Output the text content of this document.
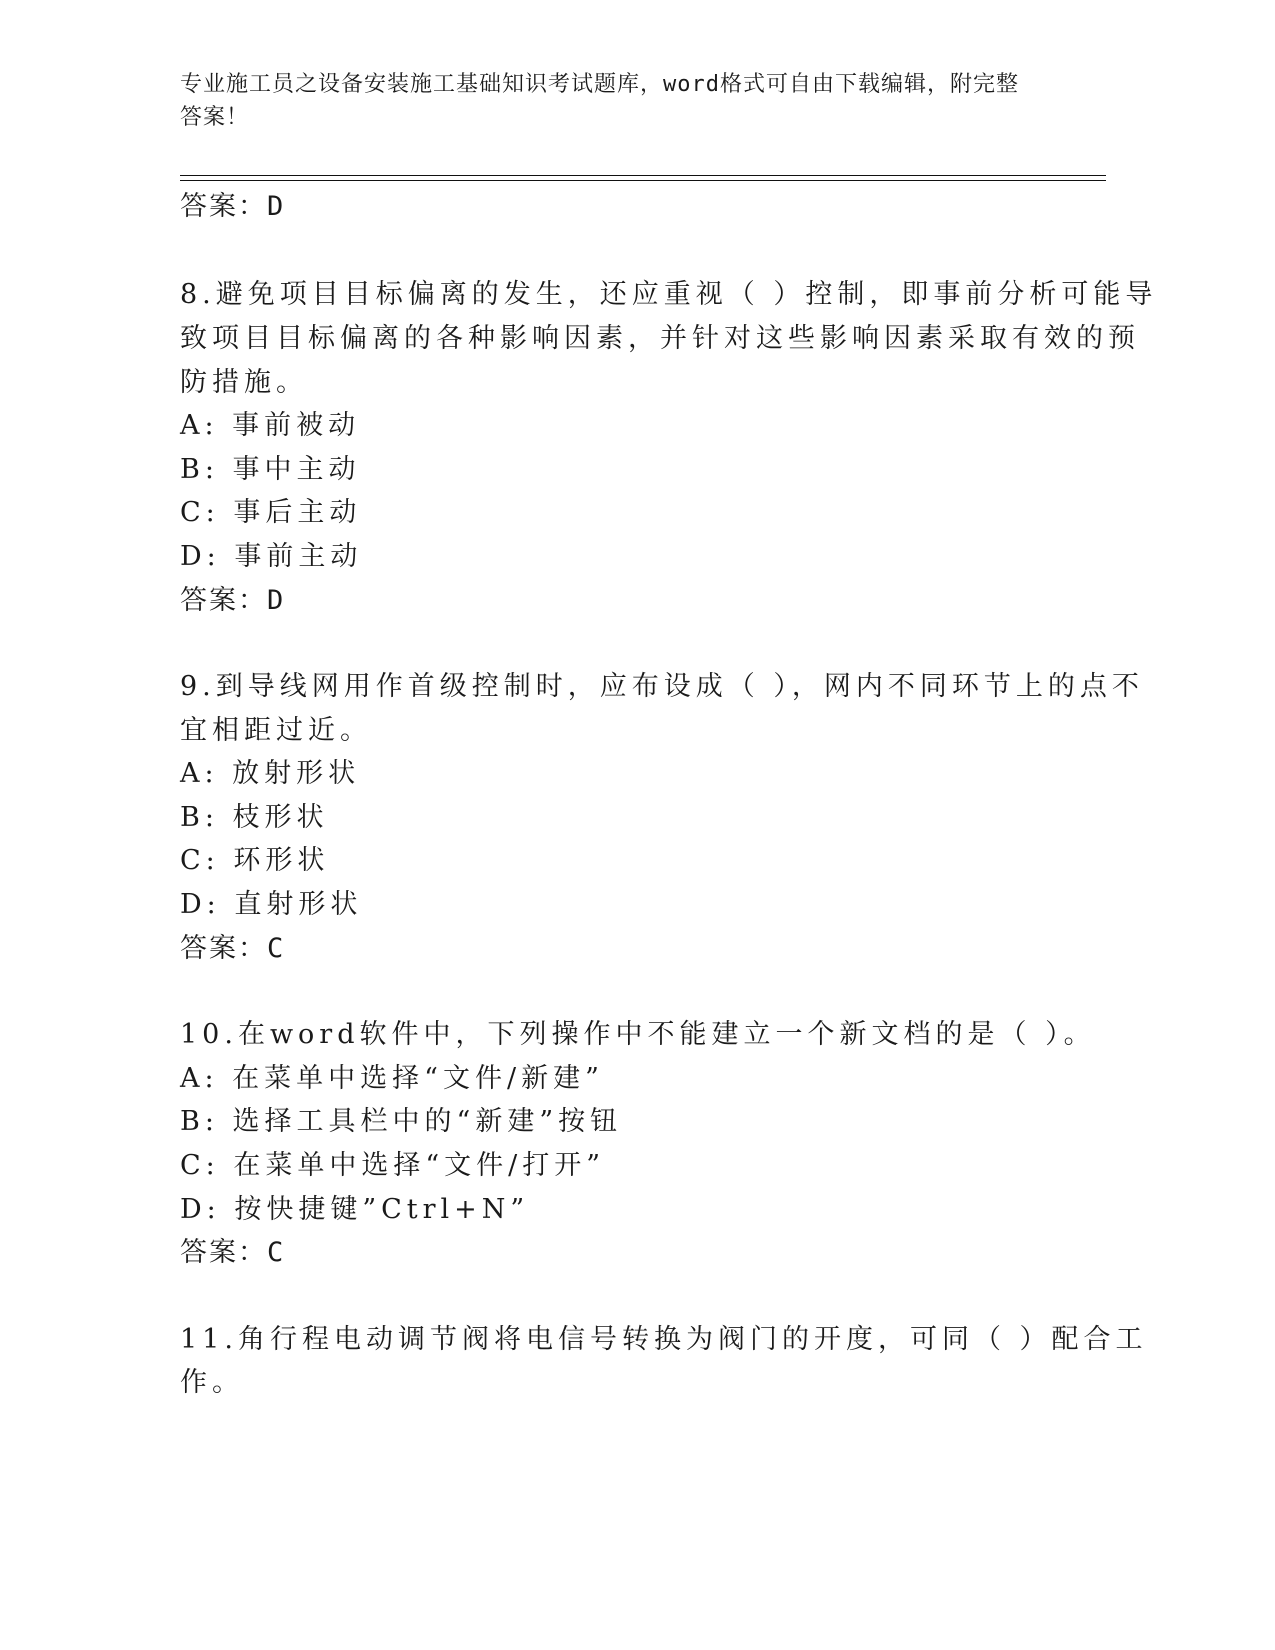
专业施工员之设备安装施工基础知识考试题库，word格式可自由下载编辑，附完整答案！
答案：D
8.避免项目目标偏离的发生，还应重视（ ）控制，即事前分析可能导
致项目目标偏离的各种影响因素，并针对这些影响因素采取有效的预
防措施。
A: 事前被动
B: 事中主动
C: 事后主动
D: 事前主动
答案：D
9.到导线网用作首级控制时，应布设成（ ），网内不同环节上的点不
宜相距过近。
A: 放射形状
B: 枝形状
C: 环形状
D: 直射形状
答案：C
10.在word软件中，下列操作中不能建立一个新文档的是（ ）。
A: 在菜单中选择“文件/新建”
B: 选择工具栏中的“新建”按钮
C: 在菜单中选择“文件/打开”
D: 按快捷键”Ctrl+N”
答案：C
11.角行程电动调节阀将电信号转换为阀门的开度，可同（ ）配合工
作。
